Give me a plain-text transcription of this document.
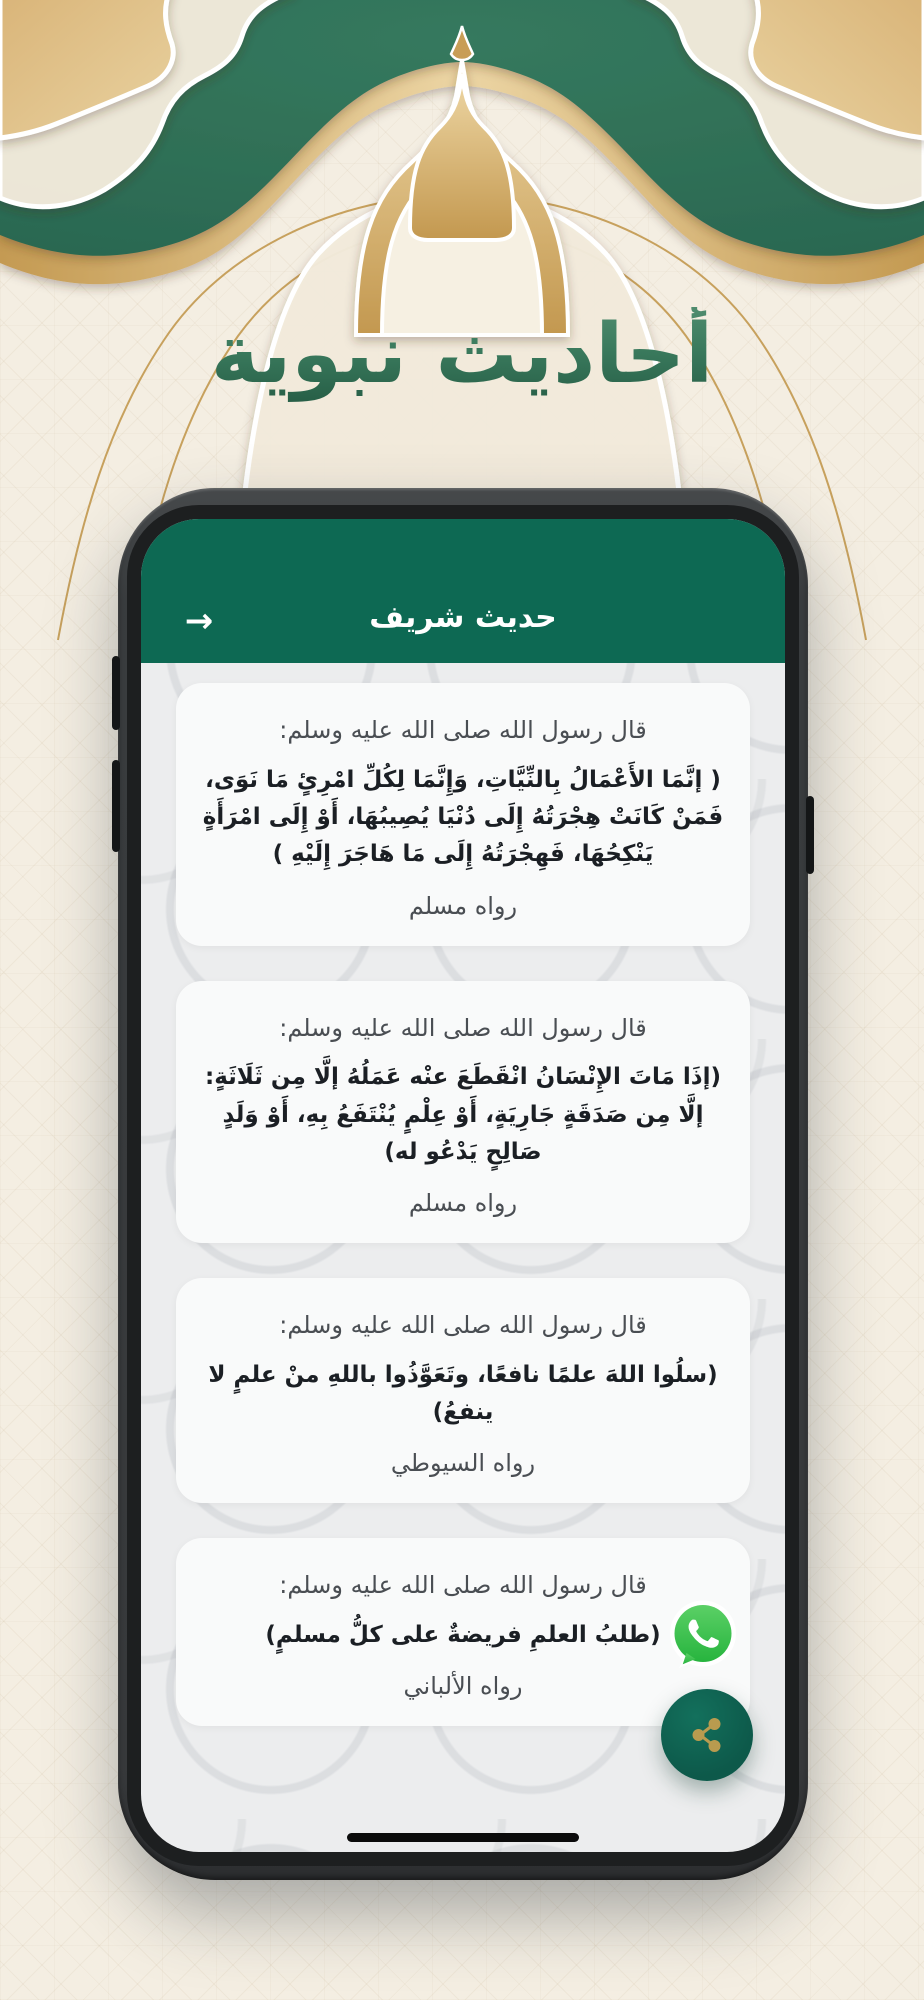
أحاديث نبوية
حديث شريف
→
قال رسول الله صلى الله عليه وسلم:
( إنَّمَا الأَعْمَالُ بِالنِّيَّاتِ، وَإِنَّمَا لِكُلِّ امْرِئٍ مَا نَوَى، فَمَنْ كَانَتْ هِجْرَتُهُ إِلَى دُنْيَا يُصِيبُهَا، أَوْ إِلَى امْرَأَةٍ يَنْكِحُهَا، فَهِجْرَتُهُ إِلَى مَا هَاجَرَ إِلَيْهِ )
رواه مسلم
قال رسول الله صلى الله عليه وسلم:
(إذَا مَاتَ الإِنْسَانُ انْقَطَعَ عنْه عَمَلُهُ إلَّا مِن ثَلَاثَةٍ: إلَّا مِن صَدَقَةٍ جَارِيَةٍ، أَوْ عِلْمٍ يُنْتَفَعُ بِهِ، أَوْ وَلَدٍ صَالِحٍ يَدْعُو له)
رواه مسلم
قال رسول الله صلى الله عليه وسلم:
(سلُوا اللهَ علمًا نافعًا، وتَعَوَّذُوا باللهِ منْ علمٍ لا ينفعُ)
رواه السيوطي
قال رسول الله صلى الله عليه وسلم:
(طلبُ العلمِ فريضةٌ على كلُّ مسلمٍ)
رواه الألباني
